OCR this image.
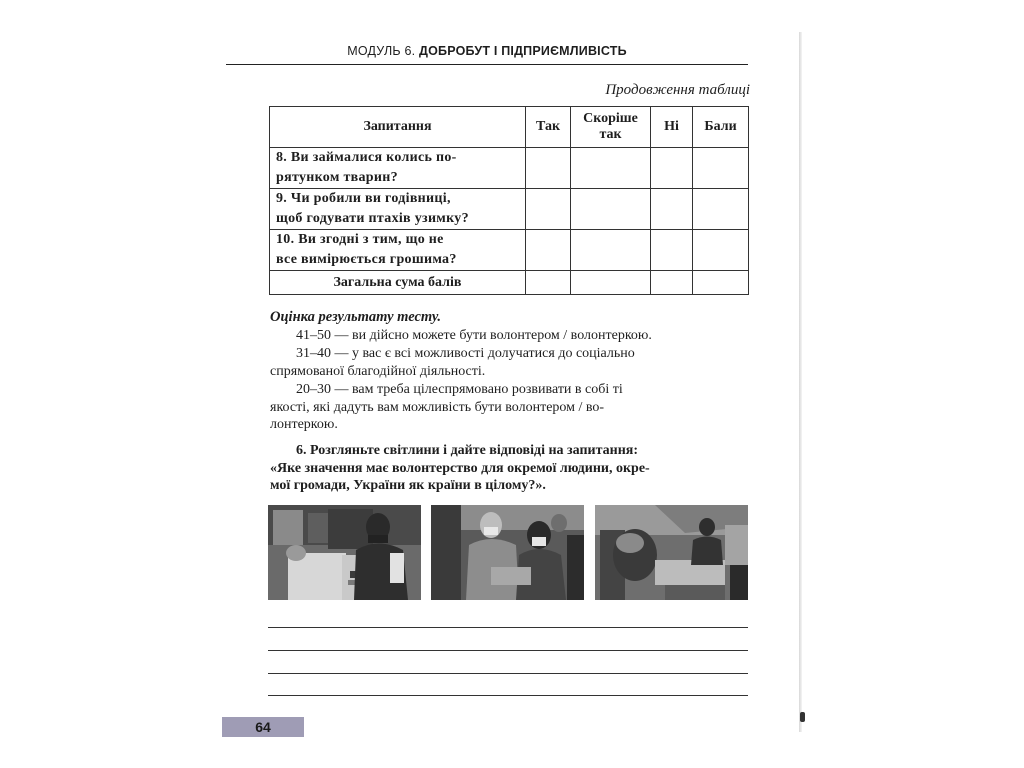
МОДУЛЬ 6. ДОБРОБУТ І ПІДПРИЄМЛИВІСТЬ
Продовження таблиці
Запитання	Так	Скоріше так	Ні	Бали

8. Ви займалися колись по-
рятунком тварин?				

9. Чи робили ви годівниці,
щоб годувати птахів узимку?				

10. Ви згодні з тим, що не
все вимірюється грошима?				

Загальна сума балів				
Оцінка результату тесту.
41–50 — ви дійсно можете бути волонтером / волонтеркою.
31–40 — у вас є всі можливості долучатися до соціально
спрямованої благодійної діяльності.
20–30 — вам треба цілеспрямовано розвивати в собі ті
якості, які дадуть вам можливість бути волонтером / во-
лонтеркою.
6. Розгляньте світлини і дайте відповіді на запитання:
«Яке значення має волонтерство для окремої людини, окре-
мої громади, України як країни в цілому?».
64
